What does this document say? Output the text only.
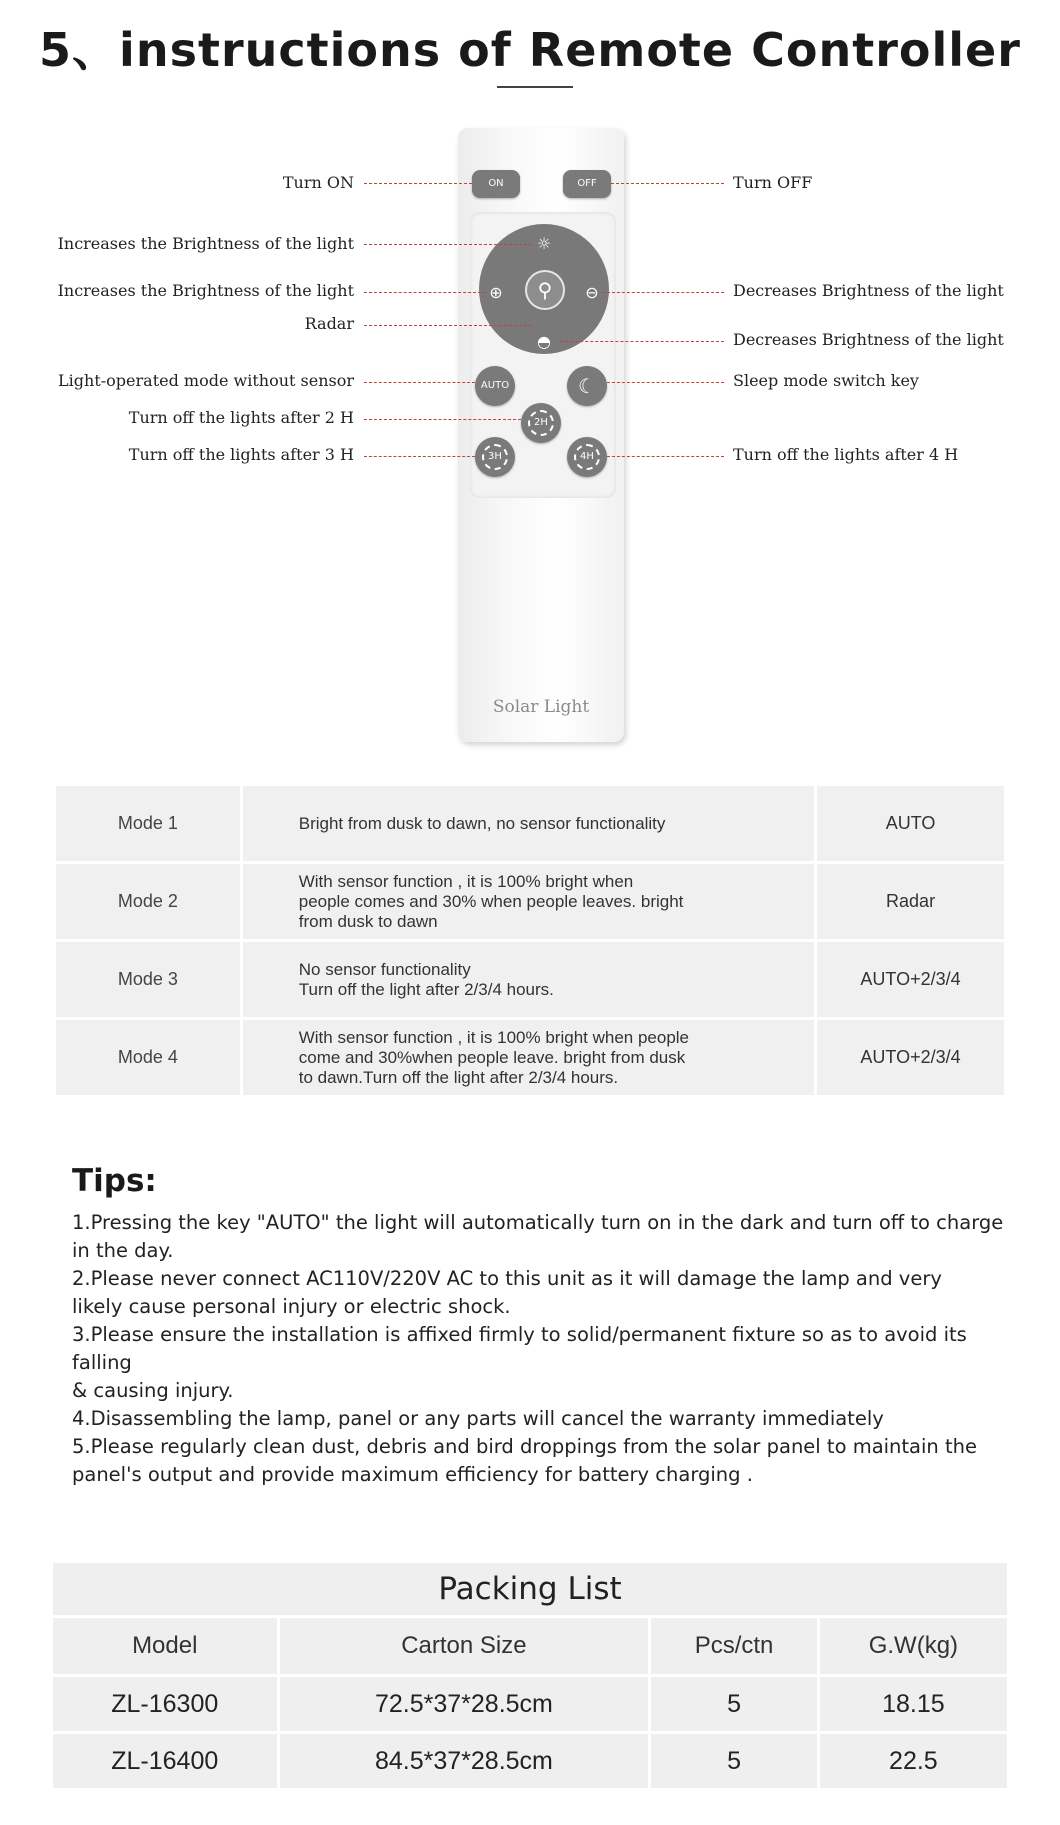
5、instructions of Remote Controller
ON	OFF
☼
⊕	⊖
◓
⚲
AUTO	☾
2H
3H	4H
Solar Light
Turn ON	Turn OFF
Increases the Brightness of the light
Increases the Brightness of the light	Decreases Brightness of the light
Radar
Decreases Brightness of the light
Light-operated mode without sensor	Sleep mode switch key
Turn off the lights after 2 H
Turn off the lights after 3 H	Turn off the lights after 4 H
Mode 1	Bright from dusk to dawn, no sensor functionality	AUTO
Mode 2	With sensor function , it is 100% bright when
people comes and 30% when people leaves. bright
from dusk to dawn	Radar
Mode 3	No sensor functionality
Turn off the light after 2/3/4 hours.	AUTO+2/3/4
Mode 4	With sensor function , it is 100% bright when people
come and 30%when people leave. bright from dusk
to dawn.Turn off the light after 2/3/4 hours.	AUTO+2/3/4
Tips:
1.Pressing the key "AUTO" the light will automatically turn on in the dark and turn off to charge
in the day.
2.Please never connect AC110V/220V AC to this unit as it will damage the lamp and very
likely cause personal injury or electric shock.
3.Please ensure the installation is affixed firmly to solid/permanent fixture so as to avoid its falling
& causing injury.
4.Disassembling the lamp, panel or any parts will cancel the warranty immediately
5.Please regularly clean dust, debris and bird droppings from the solar panel to maintain the
panel's output and provide maximum efficiency for battery charging .
Packing List			
Model	Carton Size	Pcs/ctn	G.W(kg)
ZL-16300	72.5*37*28.5cm	5	18.15
ZL-16400	84.5*37*28.5cm	5	22.5
